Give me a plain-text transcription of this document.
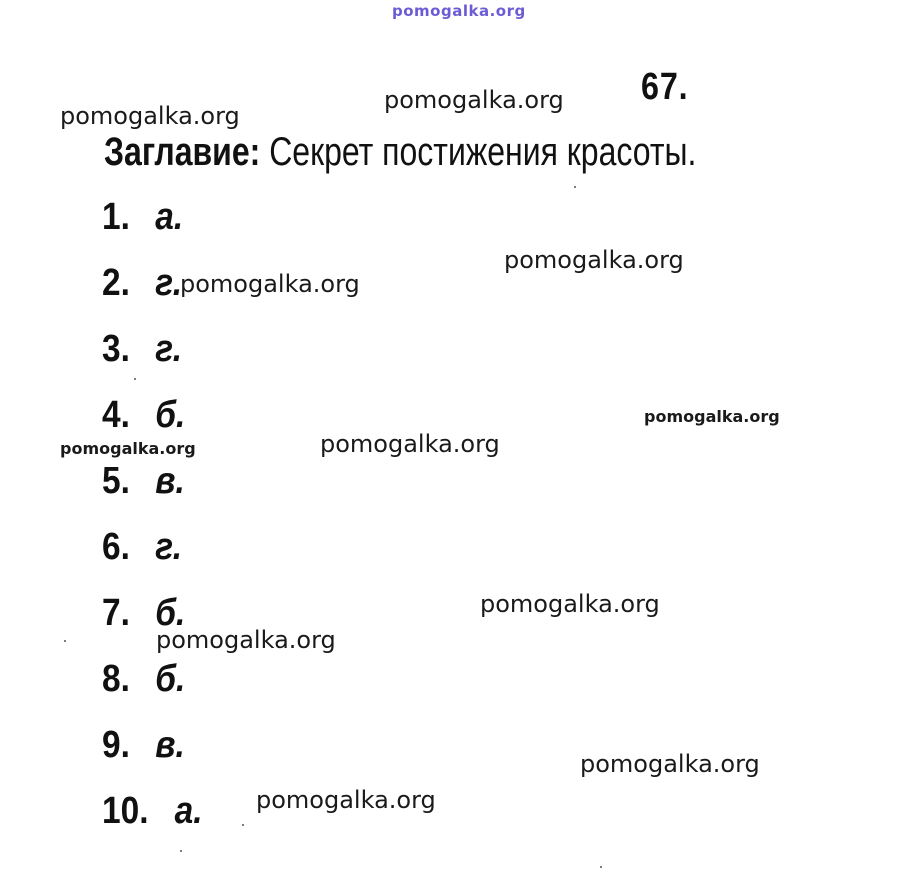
pomogalka.org
pomogalka.org
pomogalka.org
pomogalka.org
pomogalka.org
pomogalka.org
pomogalka.org
pomogalka.org
pomogalka.org
pomogalka.org
pomogalka.org
pomogalka.org
67.
Заглавие: Секрет постижения красоты.
1. а.
2. г.
3. г.
4. б.
5. в.
6. г.
7. б.
8. б.
9. в.
10. а.
